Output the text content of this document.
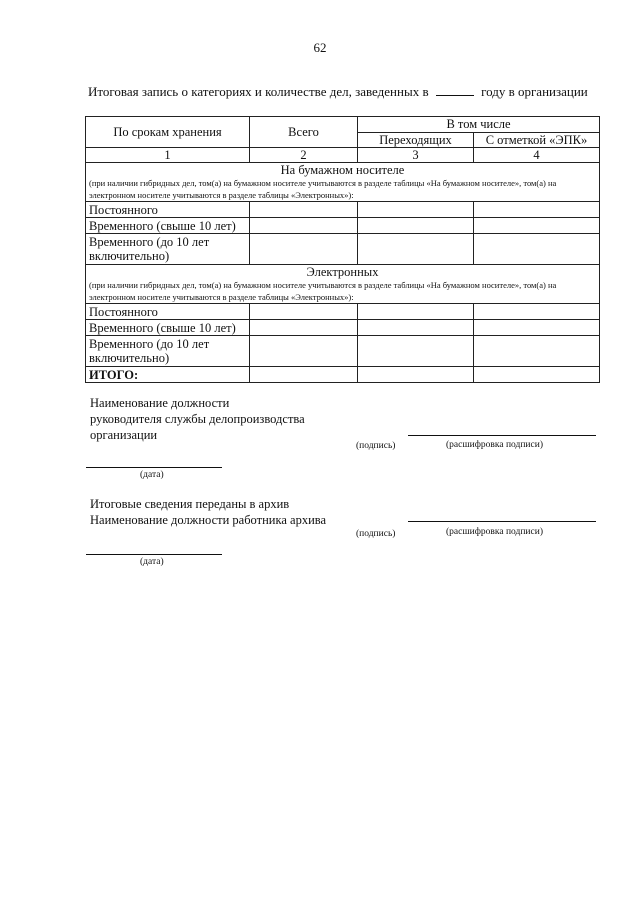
62
Итоговая запись о категориях и количестве дел, заведенных в	году в организации
По срокам хранения	Всего	В том числе	
		Переходящих	С отметкой «ЭПК»
1	2	3	4

На бумажном носителе
(при наличии гибридных дел, том(а) на бумажном носителе учитываются в разделе таблицы «На бумажном носителе», том(а) на электронном носителе учитываются в разделе таблицы «Электронных»):			

Постоянного			
Временного (свыше 10 лет)			
Временного (до 10 лет включительно)			

Электронных
(при наличии гибридных дел, том(а) на бумажном носителе учитываются в разделе таблицы «На бумажном носителе», том(а) на электронном носителе учитываются в разделе таблицы «Электронных»):			

Постоянного			
Временного (свыше 10 лет)			
Временного (до 10 лет включительно)			
ИТОГО:			
Наименование должности
руководителя службы делопроизводства
организации
(подпись)	(расшифровка подписи)
(дата)
Итоговые сведения переданы в архив
Наименование должности работника архива
(подпись)	(расшифровка подписи)
(дата)
